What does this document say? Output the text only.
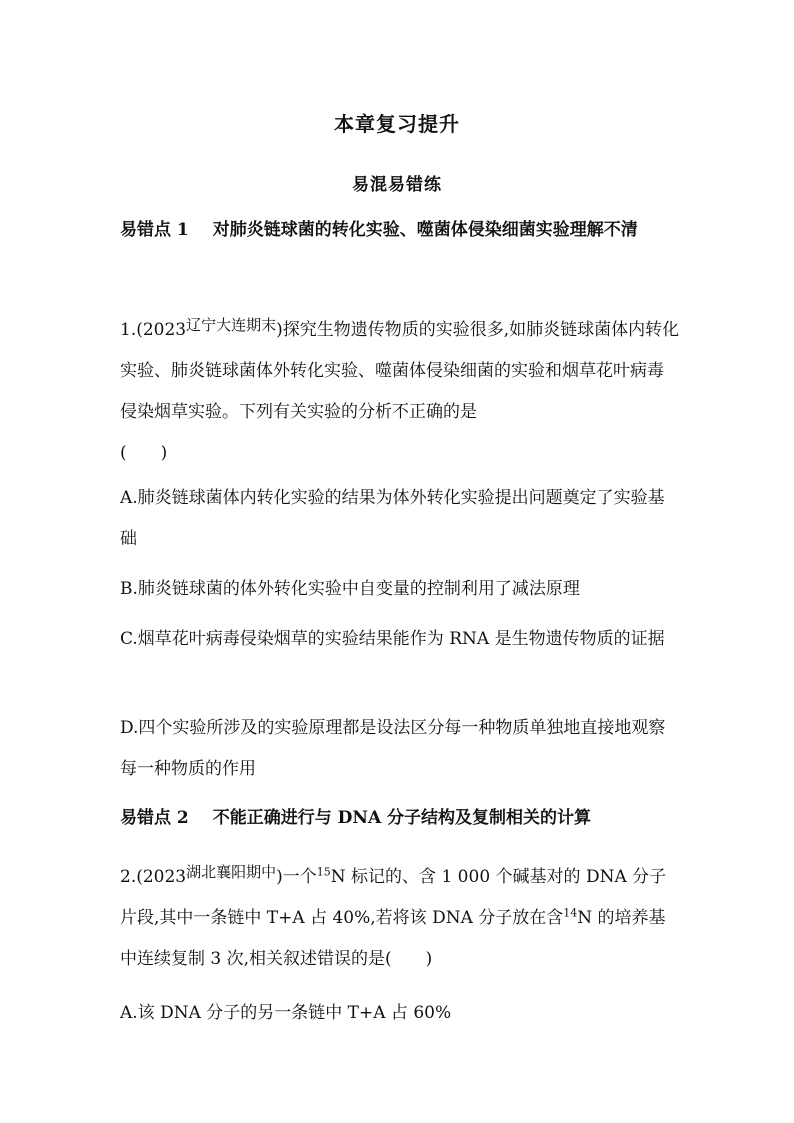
本章复习提升
易混易错练
易错点 1 对肺炎链球菌的转化实验、噬菌体侵染细菌实验理解不清
1.(2023辽宁大连期末)探究生物遗传物质的实验很多,如肺炎链球菌体内转化实验、肺炎链球菌体外转化实验、噬菌体侵染细菌的实验和烟草花叶病毒侵染烟草实验。下列有关实验的分析不正确的是
(　　)
A.肺炎链球菌体内转化实验的结果为体外转化实验提出问题奠定了实验基础
B.肺炎链球菌的体外转化实验中自变量的控制利用了减法原理
C.烟草花叶病毒侵染烟草的实验结果能作为 RNA 是生物遗传物质的证据
D.四个实验所涉及的实验原理都是设法区分每一种物质单独地直接地观察每一种物质的作用
易错点 2 不能正确进行与 DNA 分子结构及复制相关的计算
2.(2023湖北襄阳期中)一个$^{15}$N 标记的、含 1 000 个碱基对的 DNA 分子片段,其中一条链中 T+A 占 40%,若将该 DNA 分子放在含$^{14}$N 的培养基中连续复制 3 次,相关叙述错误的是(　　)
A.该 DNA 分子的另一条链中 T+A 占 60%
